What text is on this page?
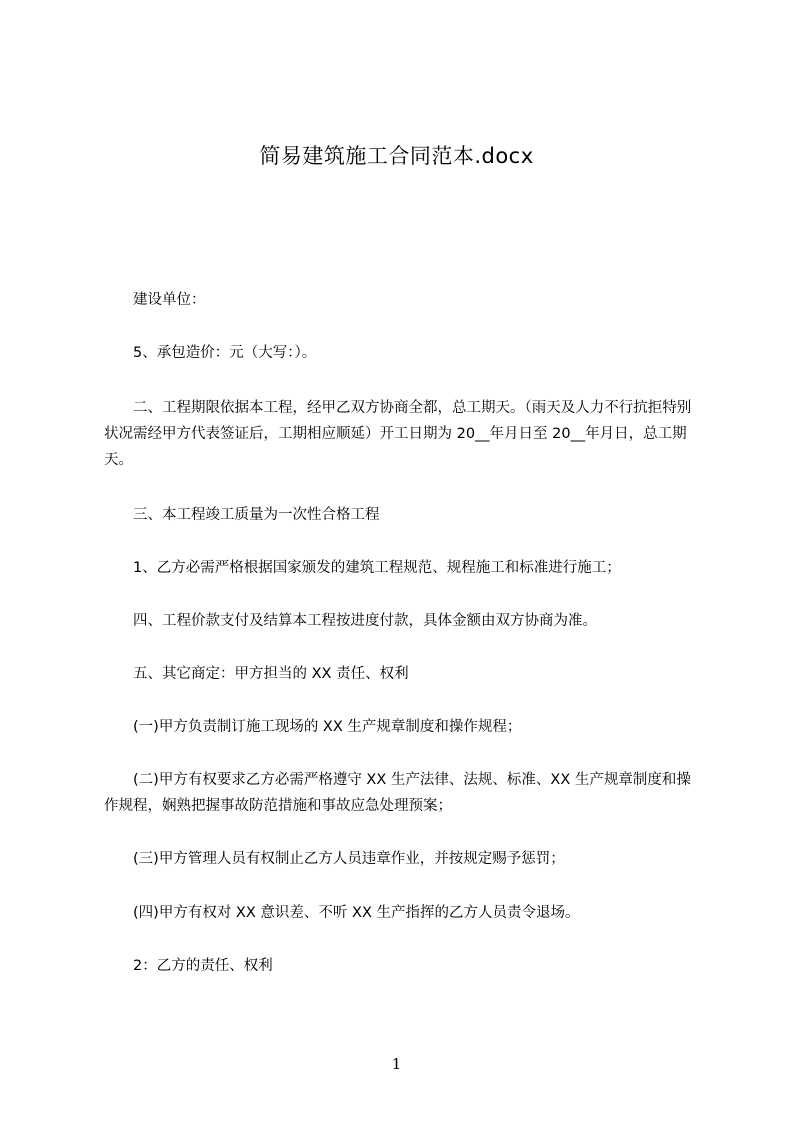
简易建筑施工合同范本.docx
　　建设单位：
　　5、承包造价：元（大写：）。
　　二、工程期限依据本工程，经甲乙双方协商全都，总工期天。（雨天及人力不行抗拒特别状况需经甲方代表签证后，工期相应顺延）开工日期为 20__年月日至 20__年月日，总工期天。
　　三、本工程竣工质量为一次性合格工程
　　1、乙方必需严格根据国家颁发的建筑工程规范、规程施工和标准进行施工；
　　四、工程价款支付及结算本工程按进度付款，具体金额由双方协商为准。
　　五、其它商定：甲方担当的 XX 责任、权利
　　(一)甲方负责制订施工现场的 XX 生产规章制度和操作规程；
　　(二)甲方有权要求乙方必需严格遵守 XX 生产法律、法规、标准、XX 生产规章制度和操作规程，娴熟把握事故防范措施和事故应急处理预案；
　　(三)甲方管理人员有权制止乙方人员违章作业，并按规定赐予惩罚；
　　(四)甲方有权对 XX 意识差、不听 XX 生产指挥的乙方人员责令退场。
　　2：乙方的责任、权利
1
